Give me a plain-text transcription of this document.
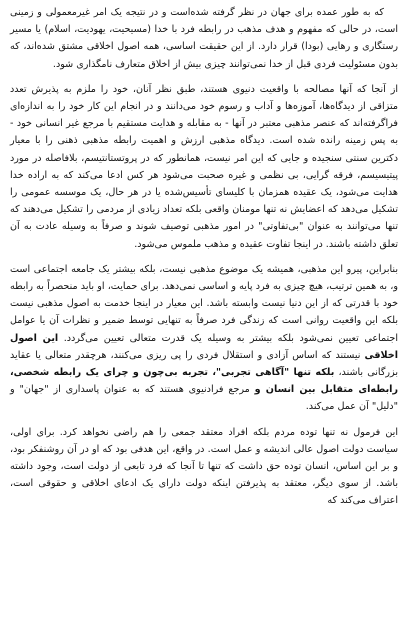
که به طور عمده برای جهان در نظر گرفته شده‌است و در نتیجه یک امر غیرمعمولی و زمینی است، در حالی که مفهوم و هدف مذهب در رابطه فرد با خدا (مسیحیت، یهودیت، اسلام) یا مسیر رستگاری و رهایی (بودا) قرار دارد. از این حقیقت اساسی، همه اصول اخلاقی مشتق شده‌اند، که بدون مسئولیت فردی قبل از خدا نمی‌توانند چیزی بیش از اخلاق متعارف نامگذاری شود.

از آنجا که آنها مصالحه با واقعیت دنیوی هستند، طبق نظر آنان، خود را ملزم به پذیرش تعدد متزاقی از دیدگاه‌ها، آموزه‌ها و آداب و رسوم خود می‌دانند و در انجام این کار خود را به اندازه‌ای فراگرفته‌اند که عنصر مذهبی معتبر در آنها - به مقابله و هدایت مستقیم با مرجع غیر انسانی خود - به پس زمینه رانده شده است. دیدگاه مذهبی ارزش و اهمیت رابطه مذهبی ذهنی را با معیار دکترین سنتی سنجیده و جایی که این امر نیست، همانطور که در پروتستانتیسم، بلافاصله در مورد پیتیسیسم، فرقه گرایی، بی نظمی و غیره صحبت می‌شود هر کس ادعا می‌کند که به اراده خدا هدایت می‌شود، یک عقیده همزمان با کلیسای تأسیس‌شده یا در هر حال، یک موسسه عمومی را تشکیل می‌دهد که اعضایش نه تنها مومنان واقعی بلکه تعداد زیادی از مردمی را تشکیل می‌دهند که تنها می‌توانند به عنوان "بی‌تفاوتی" در امور مذهبی توصیف شوند و صرفاً به وسیله عادت به آن تعلق داشته باشند. در اینجا تفاوت عقیده و مذهب ملموس می‌شود.

بنابراین، پیرو این مذهبی، همیشه یک موضوع مذهبی نیست، بلکه بیشتر یک جامعه اجتماعی است و، به همین ترتیب، هیچ چیزی به فرد پایه و اساسی نمی‌دهد. برای حمایت، او باید منحصراً به رابطه خود با قدرتی که از این دنیا نیست وابسته باشد. این معیار در اینجا خدمت به اصول مذهبی نیست بلکه این واقعیت روانی است که زندگی فرد صرفاً به تنهایی توسط ضمیر و نظرات آن یا عوامل اجتماعی تعیین نمی‌شود بلکه بیشتر به وسیله یک قدرت متعالی تعیین می‌گردد. این اصول اخلاقی نیستند که اساس آزادی و استقلال فردی را پی ریزی می‌کنند، هرچقدر متعالی یا عقاید بزرگانی باشند، بلکه تنها "آگاهی تجربی"، تجربه بی‌چون و چرای یک رابطه شخصی، رابطه‌ای متقابل بین انسان و مرجع فرادنیوی هستند که به عنوان پاسداری از "جهان" و "دلیل" آن عمل می‌کند.

این فرمول نه تنها توده مردم بلکه افراد معتقد جمعی را هم راضی نخواهد کرد. برای اولی، سیاست دولت اصول عالی اندیشه و عمل است. در واقع، این هدفی بود که او در آن روشنفکر بود، و بر این اساس، انسان توده حق داشت که تنها تا آنجا که فرد تابعی از دولت است، وجود داشته باشد. از سوی دیگر، معتقد به پذیرفتن اینکه دولت دارای یک ادعای اخلاقی و حقوقی است، اعتراف می‌کند که
